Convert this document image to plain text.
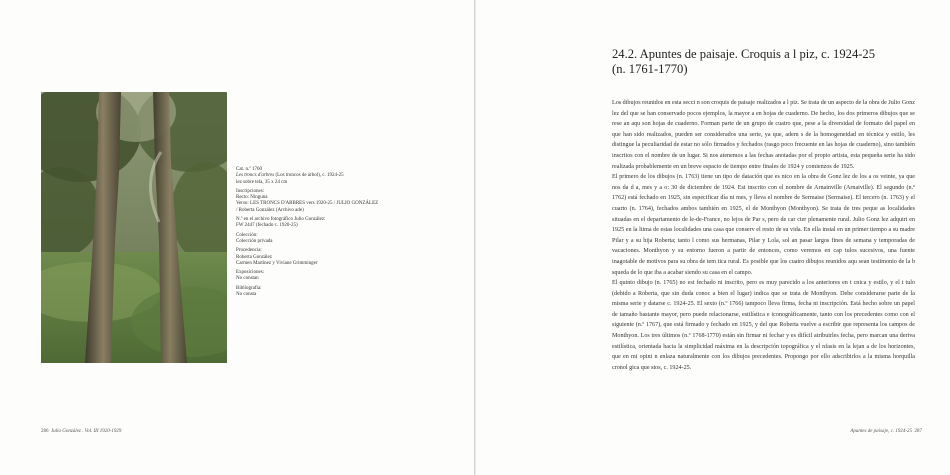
Cat. n.º 1760
Les troncs d'arbres (Los troncos de árbol), c. 1924-25
lez sobre tela, 35 x 24 cm
Inscripciones:
Recto: Ninguna
Verso: LES TRONCS D'ARBRES vers 1920-25 / JULIO GONZÁLEZ
/ Roberta González (Archivo ade)
N.º en el archivo fotográfico Julio González:
FW 2447 (fechado c. 1920-25)
Colección:
Colección privada
Procedencia:
Roberta González
Carmen Martínez y Viviane Grimminger
Exposiciones:
No constan
Bibliografía:
No consta
286 Julio González . Vol. III 1920-1929
24.2. Apuntes de paisaje. Croquis a l piz, c. 1924-25
(n. 1761-1770)

Los dibujos reunidos en esta secci n son croquis de paisaje realizados a l piz. Se trata de un aspecto de la obra de Julio Gonz lez del que se han conservado pocos ejemplos, la mayor a en hojas de cuaderno. De hecho, los dos primeros dibujos que se rese an aqu son hojas de cuaderno. Forman parte de un grupo de cuatro que, pese a la diversidad de formato del papel en que han sido realizados, pueden ser considerados una serie, ya que, adem s de la homogeneidad en técnica y estilo, les distingue la peculiaridad de estar no sólo firmados y fechados (rasgo poco frecuente en las hojas de cuaderno), sino también inscritos con el nombre de un lugar. Si nos atenemos a las fechas anotadas por el propio artista, esta pequeña serie ha sido realizada probablemente en un breve espacio de tiempo entre finales de 1924 y comienzos de 1925.

El primero de los dibujos (n. 1763) tiene un tipo de datación que es nico en la obra de Gonz lez de los a os veinte, ya que nos da d a, mes y a o: 30 de diciembre de 1924. Est inscrito con el nombre de Arnainville (Arnaiville). El segundo (n.º 1762) está fechado en 1925, sin especificar día ni mes, y lleva el nombre de Sermaise (Sermaise). El tercero (n. 1763) y el cuarto (n. 1764), fechados ambos también en 1925, el de Monthyon (Monthyon). Se trata de tres peque as localidades situadas en el departamento de le-de-France, no lejos de Par s, pero de car cter plenamente rural. Julio Gonz lez adquiri en 1925 en la ltima de estas localidades una casa que conserv el resto de su vida. En ella instal en un primer tiempo a su madre Pilar y a su hija Roberta; tanto l como sus hermanas, Pilar y Lola, sol an pasar largos fines de semana y temporadas de vacaciones. Monthyon y su entorno fueron a partir de entonces, como veremos en cap tulos sucesivos, una fuente inagotable de motivos para su obra de tem tica rural. Es posible que los cuatro dibujos reunidos aqu sean testimonio de la b squeda de lo que iba a acabar siendo su casa en el campo.

El quinto dibujo (n. 1765) no est fechado ni inscrito, pero es muy parecido a los anteriores en t cnica y estilo, y el t tulo (debido a Roberta, que sin duda conoc a bien el lugar) indica que se trata de Monthyon. Debe considerarse parte de la misma serie y datarse c. 1924-25. El sexto (n.º 1766) tampoco lleva firma, fecha ni inscripción. Está hecho sobre un papel de tamaño bastante mayor, pero puede relacionarse, estilística e iconográficamente, tanto con los precedentes como con el siguiente (n.º 1767), que está firmado y fechado en 1925, y del que Roberta vuelve a escribir que representa los campos de Monthyon. Los tres últimos (n.º 1768-1770) están sin firmar ni fechar y es difícil atribuirles fecha, pero marcan una deriva estilística, orientada hacia la simplicidad máxima en la descripción topográfica y el nfasis en la lejan a de los horizontes, que en mi opini n enlaza naturalmente con los dibujos precedentes. Propongo por ello adscribirlos a la misma horquilla cronol gica que stos, c. 1924-25.

Apuntes de paisaje, c. 1924-25 287
